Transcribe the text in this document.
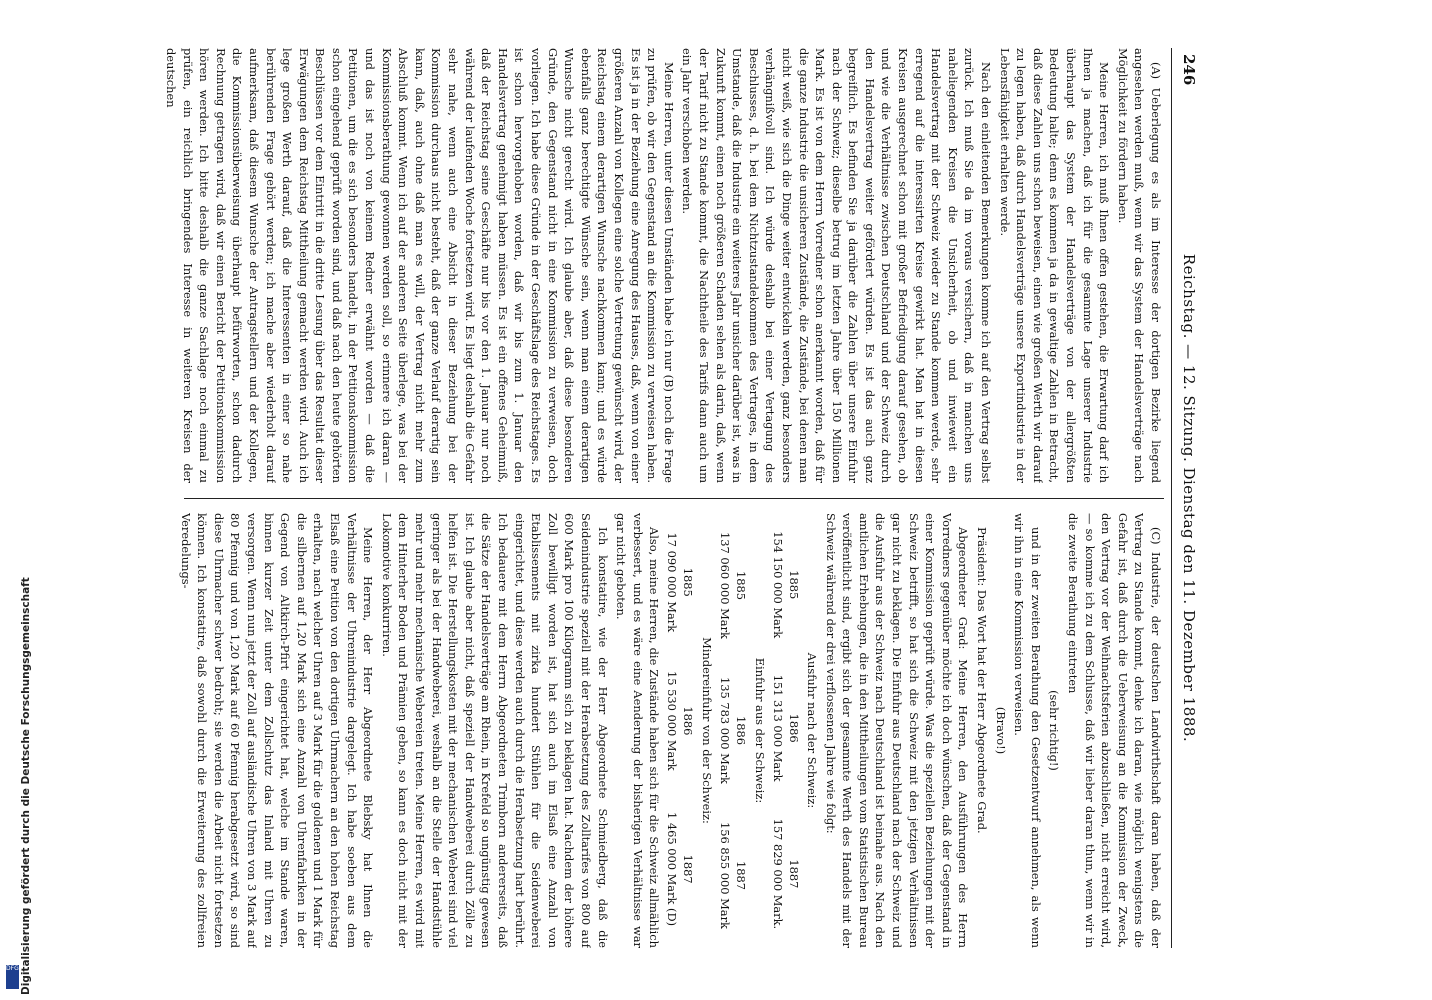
Digitalisierung gefördert durch die Deutsche Forschungsgemeinschaft
DFG
246
Reichstag. — 12. Sitzung. Dienstag den 11. Dezember 1888.

(A) Ueberlegung es als im Interesse der dortigen Bezirke liegend angesehen werden muß, wenn wir das System der Handelsverträge nach Möglichkeit zu fördern haben.

Meine Herren, ich muß Ihnen offen gestehen, die Erwartung darf ich Ihnen ja machen, daß ich für die gesammte Lage unserer Industrie überhaupt das System der Handelsverträge von der allergrößten Bedeutung halte; denn es kommen ja da in gewaltige Zahlen in Betracht, daß diese Zahlen uns schon beweisen, einen wie großen Werth wir darauf zu legen haben, daß durch Handelsverträge unsere Exportindustrie in der Lebensfähigkeit erhalten werde.

Nach den einleitenden Bemerkungen komme ich auf den Vertrag selbst zurück. Ich muß Sie da im voraus versichern, daß in manchen uns naheliegenden Kreisen die Unsicherheit, ob und inwieweit ein Handelsvertrag mit der Schweiz wieder zu Stande kommen werde, sehr erregend auf die interessirten Kreise gewirkt hat. Man hat in diesen Kreisen ausgerechnet schon mit großer Befriedigung darauf gesehen, ob und wie die Verhältnisse zwischen Deutschland und der Schweiz durch den Handelsvertrag weiter gefördert würden. Es ist das auch ganz begreiflich. Es befinden Sie ja darüber die Zahlen über unsere Einfuhr nach der Schweiz; dieselbe betrug im letzten Jahre über 150 Millionen Mark. Es ist von dem Herrn Vorredner schon anerkannt worden, daß für die ganze Industrie die unsicheren Zustände, die Zustände, bei denen man nicht weiß, wie sich die Dinge weiter entwickeln werden, ganz besonders verhängnißvoll sind. Ich würde deshalb bei einer Vertagung des Beschlusses, d. h. bei dem Nichtzustandekommen des Vertrages, in dem Umstande, daß die Industrie ein weiteres Jahr unsicher darüber ist, was in Zukunft kommt, einen noch größeren Schaden sehen als darin, daß, wenn der Tarif nicht zu Stande kommt, die Nachtheile des Tarifs dann auch um ein Jahr verschoben werden.

Meine Herren, unter diesen Umständen habe ich nur (B) noch die Frage zu prüfen, ob wir den Gegenstand an die Kommission zu verweisen haben. Es ist ja in der Beziehung eine Anregung des Hauses, daß, wenn von einer größeren Anzahl von Kollegen eine solche Vertretung gewünscht wird, der Reichstag einem derartigen Wunsche nachkommen kann; und es würde ebenfalls ganz berechtigte Wünsche sein, wenn man einem derartigen Wunsche nicht gerecht wird. Ich glaube aber, daß diese besonderen Gründe, den Gegenstand nicht in eine Kommission zu verweisen, doch vorliegen. Ich habe diese Gründe in der Geschäftslage des Reichstages. Es ist schon hervorgehoben worden, daß wir bis zum 1. Januar den Handelsvertrag genehmigt haben müssen. Es ist ein offenes Geheimniß, daß der Reichstag seine Geschäfte nur bis vor den 1. Januar nur noch während der laufenden Woche fortsetzen wird. Es liegt deshalb die Gefahr sehr nahe, wenn auch eine Absicht in dieser Beziehung bei der Kommission durchaus nicht besteht, daß der ganze Verlauf derartig sein kann, daß, auch ohne daß man es will, der Vertrag nicht mehr zum Abschluß kommt. Wenn ich auf der anderen Seite überlege, was bei der Kommissionsberathung gewonnen werden soll, so erinnere ich daran — und das ist noch von keinem Redner erwähnt worden — daß die Petitionen, um die es sich besonders handelt, in der Petitionskommission schon eingehend geprüft worden sind, und daß nach den heute gehörten Beschlüssen vor dem Eintritt in die dritte Lesung über das Resultat dieser Erwägungen dem Reichstag Mittheilung gemacht werden wird. Auch ich lege großen Werth darauf, daß die Interessenten in einer so nahe berührenden Frage gehört werden; ich mache aber wiederholt darauf aufmerksam, daß diesem Wunsche der Antragstellern und der Kollegen, die Kommissionsüberweisung überhaupt befürworten, schon dadurch Rechnung getragen wird, daß wir einen Bericht der Petitionskommission hören werden. Ich bitte deshalb die ganze Sachlage noch einmal zu prüfen, ein reichlich bringendes Interesse in weiteren Kreisen der deutschen

(C) Industrie, der deutschen Landwirthschaft daran haben, daß der Vertrag zu Stande kommt, denke ich daran, wie möglich wenigstens die Gefahr ist, daß durch die Ueberweisung an die Kommission der Zweck, den Vertrag vor der Weihnachtsferien abzuschließen, nicht erreicht wird, — so komme ich zu dem Schlusse, daß wir lieber daran thun, wenn wir in die zweite Berathung eintreten

(sehr richtig!)

und in der zweiten Berathung den Gesetzentwurf annehmen, als wenn wir ihn in eine Kommission verweisen.

(Bravo!)

Präsident: Das Wort hat der Herr Abgeordnete Grad.

Abgeordneter Grad: Meine Herren, den Ausführungen des Herrn Vorredners gegenüber möchte ich doch wünschen, daß der Gegenstand in einer Kommission geprüft würde. Was die speziellen Beziehungen mit der Schweiz betrifft, so hat sich die Schweiz mit den jetzigen Verhältnissen gar nicht zu beklagen. Die Einfuhr aus Deutschland nach der Schweiz und die Ausfuhr aus der Schweiz nach Deutschland ist beinahe aus. Nach den amtlichen Erhebungen, die in den Mittheilungen vom Statistischen Bureau veröffentlicht sind, ergibt sich der gesammte Werth des Handels mit der Schweiz während der drei verflossenen Jahre wie folgt:

Ausfuhr nach der Schweiz:

1885	1886	1887
154 150 000 Mark	151 313 000 Mark	157 829 000 Mark.

Einfuhr aus der Schweiz:

1885	1886	1887
137 060 000 Mark	135 783 000 Mark	156 855 000 Mark

Mindereinfuhr von der Schweiz:

1885	1886	1887
17 090 000 Mark	15 530 000 Mark	1 465 000 Mark (D)

Also, meine Herren, die Zustände haben sich für die Schweiz allmählich verbessert, und es wäre eine Aenderung der bisherigen Verhältnisse war gar nicht geboten.

Ich konstatire, wie der Herr Abgeordnete Schmiedberg, daß die Seidenindustrie speziell mit der Herabsetzung des Zolltarifes von 800 auf 600 Mark pro 100 Kilogramm sich zu beklagen hat. Nachdem der höhere Zoll bewilligt worden ist, hat sich auch im Elsaß eine Anzahl von Etablissements mit zirka hundert Stühlen für die Seidenweberei eingerichtet, und diese werden auch durch die Herabsetzung hart berührt. Ich bedauere mit dem Herrn Abgeordneten Trimborn andererseits, daß die Sätze der Handelsverträge am Rhein, in Krefeld so ungünstig gewesen ist. Ich glaube aber nicht, daß speziell der Handweberei durch Zölle zu helfen ist. Die Herstellungskosten mit der mechanischen Weberei sind viel geringer als bei der Handweberei, weshalb an die Stelle der Handstühle mehr und mehr mechanische Webereien treten. Meine Herren, es wird mit dem Hinterher Boden und Prämien geben, so kann es doch nicht mit der Lokomotive konkurriren.

Meine Herren, der Herr Abgeordnete Blebsky hat Ihnen die Verhältnisse der Uhrenindustrie dargelegt. Ich habe soeben aus dem Elsaß eine Petition von den dortigen Uhrmachern an den hohen Reichstag erhalten, nach welcher Uhren auf 3 Mark für die goldenen und 1 Mark für die silbernen auf 1,20 Mark sich eine Anzahl von Uhrenfabriken in der Gegend von Altkirch-Pfirt eingerichtet hat, welche im Stande waren, binnen kurzer Zeit unter dem Zollschutz das Inland mit Uhren zu versorgen. Wenn nun jetzt der Zoll auf ausländische Uhren von 3 Mark auf 80 Pfennig und von 1,20 Mark auf 60 Pfennig herabgesetzt wird, so sind diese Uhrmacher schwer bedroht; sie werden die Arbeit nicht fortsetzen können. Ich konstatire, daß sowohl durch die Erweiterung des zollfreien Veredelungs-
